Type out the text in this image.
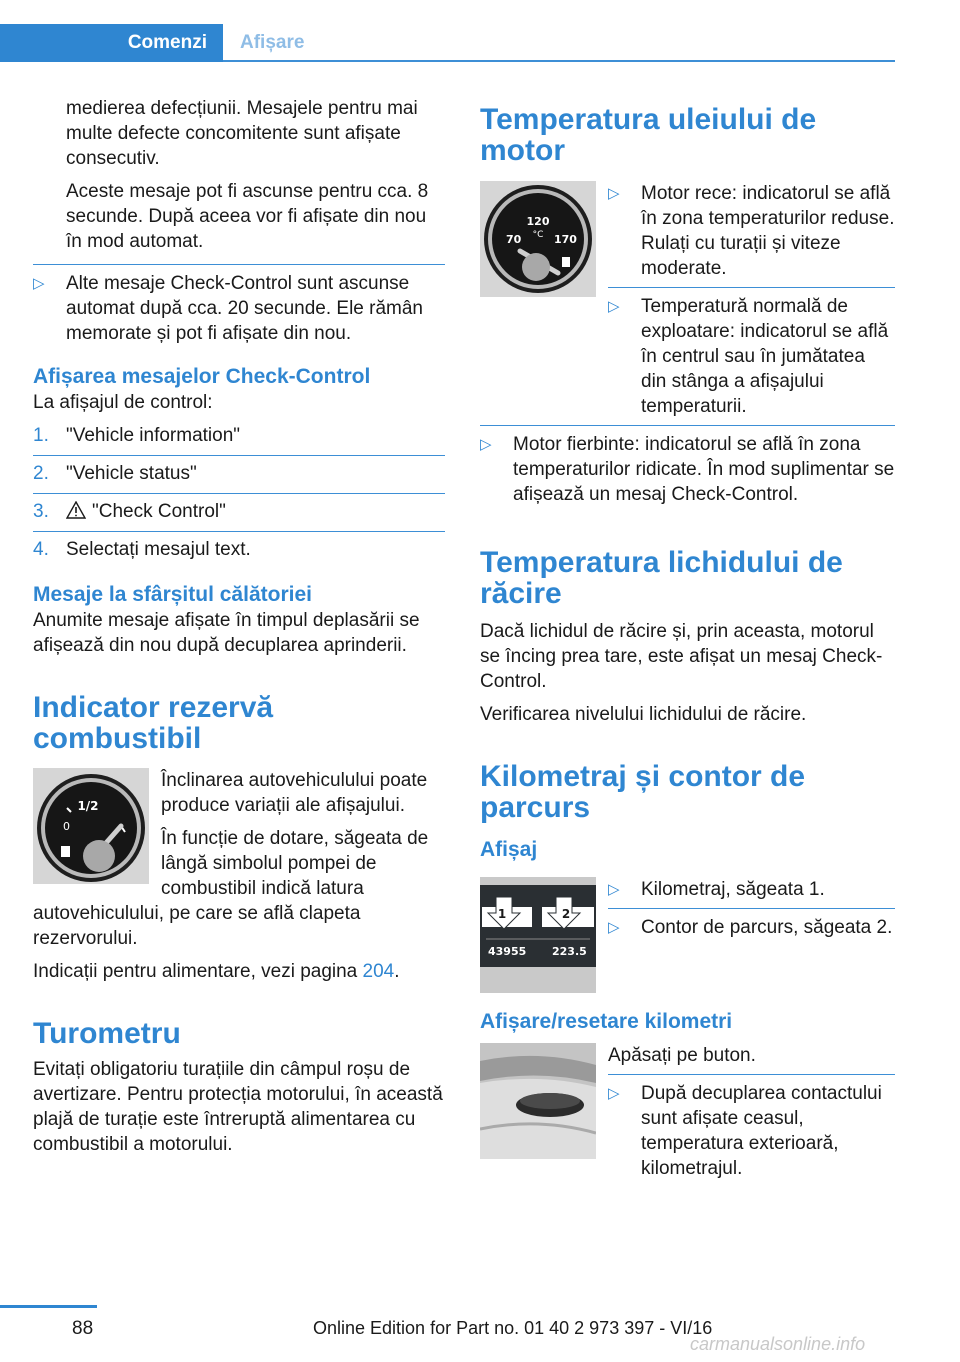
Comenzi	Afișare

medierea defecțiunii. Mesajele pentru mai multe defecte concomitente sunt afișate consecutiv.

Aceste mesaje pot fi ascunse pentru cca. 8 secunde. După aceea vor fi afișate din nou în mod automat.

▷ Alte mesaje Check-Control sunt ascunse automat după cca. 20 secunde. Ele rămân memorate și pot fi afișate din nou.
Afișarea mesajelor Check-Control

La afișajul de control:

1. "Vehicle information"
2. "Vehicle status"
3. "Check Control"
4. Selectați mesajul text.
Mesaje la sfârșitul călătoriei

Anumite mesaje afișate în timpul deplasării se afișează din nou după decuplarea aprinderii.

Indicator rezervă combustibil
1/2
0

Înclinarea autovehiculului poate produce variații ale afișajului.

În funcție de dotare, săgeata de lângă simbolul pompei de combustibil indică latura autovehiculului, pe care se află clapeta rezervorului.

Indicații pentru alimentare, vezi pagina 204.

Turometru

Evitați obligatoriu turațiile din câmpul roșu de avertizare. Pentru protecția motorului, în această plajă de turație este întreruptă alimentarea cu combustibil a motorului.

Temperatura uleiului de motor
120
°C
70	170
▷ Motor rece: indicatorul se află în zona temperaturilor reduse. Rulați cu turații și viteze moderate.
▷ Temperatură normală de exploatare: indicatorul se află în centrul sau în jumătatea din stânga a afișajului temperaturii.
▷ Motor fierbinte: indicatorul se află în zona temperaturilor ridicate. În mod suplimentar se afișează un mesaj Check-Control.
Temperatura lichidului de răcire

Dacă lichidul de răcire și, prin aceasta, motorul se încing prea tare, este afișat un mesaj Check-Control.

Verificarea nivelului lichidului de răcire.

Kilometraj și contor de parcurs
Afișaj
1	2
43955 223.5
▷ Kilometraj, săgeata 1.
▷ Contor de parcurs, săgeata 2.
Afișare/resetare kilometri

Apăsați pe buton.

▷ După decuplarea contactului sunt afișate ceasul, temperatura exterioară, kilometrajul.
88	Online Edition for Part no. 01 40 2 973 397 - VI/16
carmanualsonline.info
